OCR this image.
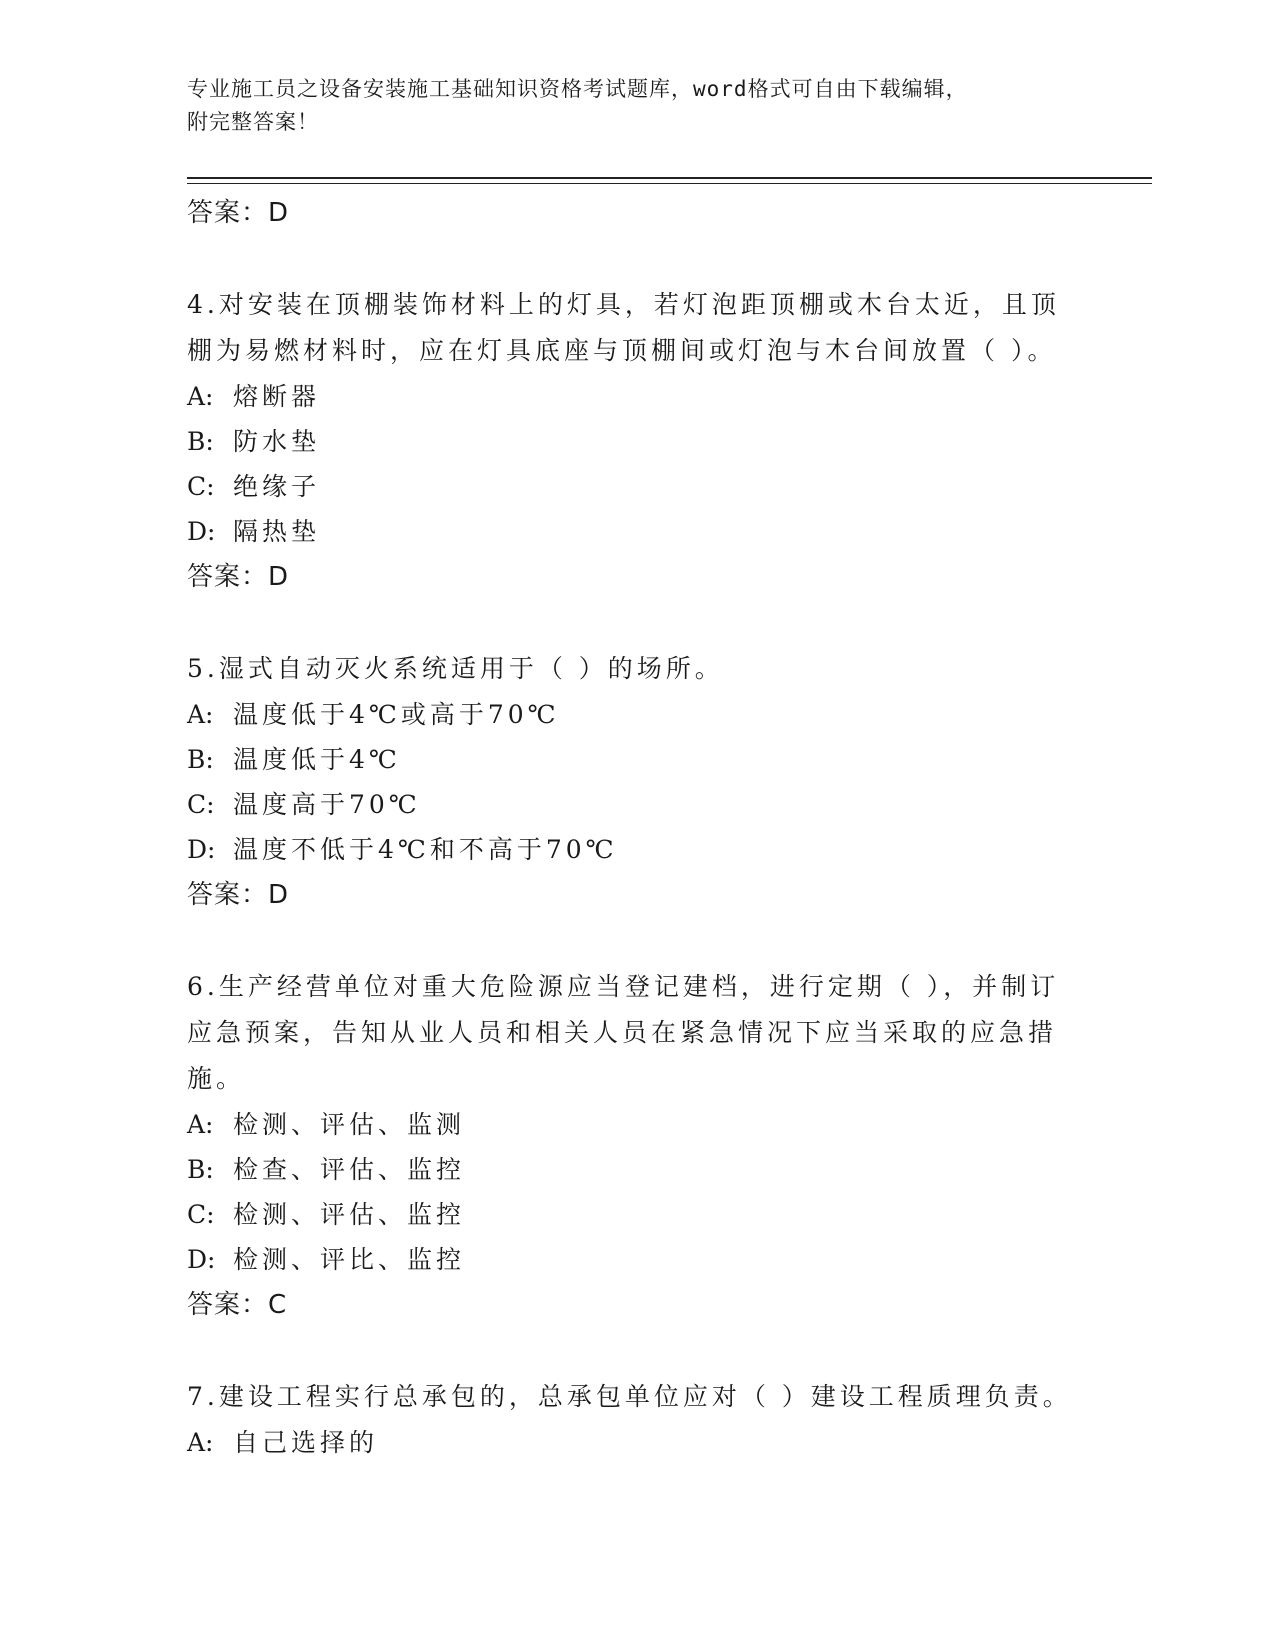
专业施工员之设备安装施工基础知识资格考试题库，word格式可自由下载编辑，
附完整答案！
答案：D

4.对安装在顶棚装饰材料上的灯具，若灯泡距顶棚或木台太近，且顶棚为易燃材料时，应在灯具底座与顶棚间或灯泡与木台间放置（ ）。

A: 熔断器
B: 防水垫
C: 绝缘子
D: 隔热垫
答案：D

5.湿式自动灭火系统适用于（ ）的场所。

A: 温度低于4℃或高于70℃
B: 温度低于4℃
C: 温度高于70℃
D: 温度不低于4℃和不高于70℃
答案：D

6.生产经营单位对重大危险源应当登记建档，进行定期（ ），并制订应急预案，告知从业人员和相关人员在紧急情况下应当采取的应急措施。

A: 检测、评估、监测
B: 检查、评估、监控
C: 检测、评估、监控
D: 检测、评比、监控
答案：C

7.建设工程实行总承包的，总承包单位应对（ ）建设工程质理负责。

A: 自己选择的
